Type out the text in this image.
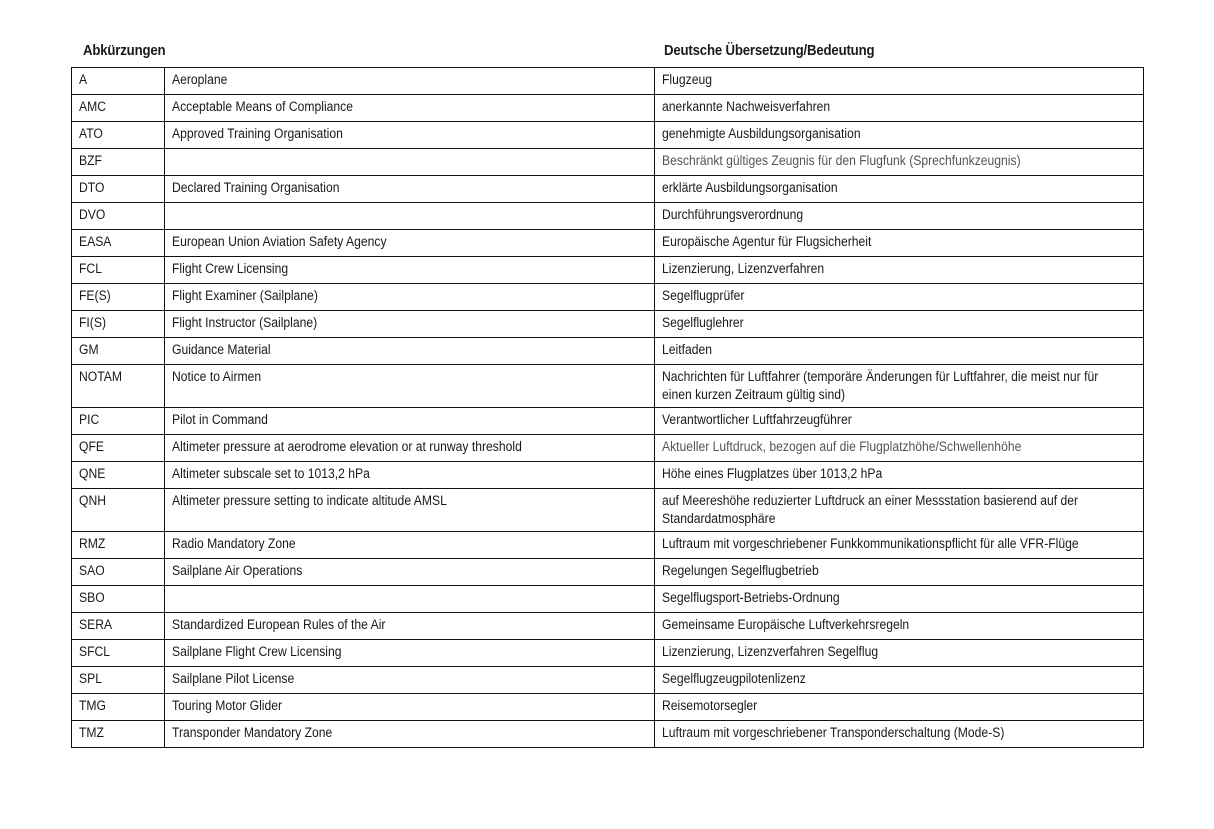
Abkürzungen	Deutsche Übersetzung/Bedeutung
A	Aeroplane	Flugzeug
AMC	Acceptable Means of Compliance	anerkannte Nachweisverfahren
ATO	Approved Training Organisation	genehmigte Ausbildungsorganisation
BZF		Beschränkt gültiges Zeugnis für den Flugfunk (Sprechfunkzeugnis)
DTO	Declared Training Organisation	erklärte Ausbildungsorganisation
DVO		Durchführungsverordnung
EASA	European Union Aviation Safety Agency	Europäische Agentur für Flugsicherheit
FCL	Flight Crew Licensing	Lizenzierung, Lizenzverfahren
FE(S)	Flight Examiner (Sailplane)	Segelflugprüfer
FI(S)	Flight Instructor (Sailplane)	Segelfluglehrer
GM	Guidance Material	Leitfaden
NOTAM	Notice to Airmen	Nachrichten für Luftfahrer (temporäre Änderungen für Luftfahrer, die meist nur für einen kurzen Zeitraum gültig sind)
PIC	Pilot in Command	Verantwortlicher Luftfahrzeugführer
QFE	Altimeter pressure at aerodrome elevation or at runway threshold	Aktueller Luftdruck, bezogen auf die Flugplatzhöhe/Schwellenhöhe
QNE	Altimeter subscale set to 1013,2 hPa	Höhe eines Flugplatzes über 1013,2 hPa
QNH	Altimeter pressure setting to indicate altitude AMSL	auf Meereshöhe reduzierter Luftdruck an einer Messstation basierend auf der Standardatmosphäre
RMZ	Radio Mandatory Zone	Luftraum mit vorgeschriebener Funkkommunikationspflicht für alle VFR-Flüge
SAO	Sailplane Air Operations	Regelungen Segelflugbetrieb
SBO		Segelflugsport-Betriebs-Ordnung
SERA	Standardized European Rules of the Air	Gemeinsame Europäische Luftverkehrsregeln
SFCL	Sailplane Flight Crew Licensing	Lizenzierung, Lizenzverfahren Segelflug
SPL	Sailplane Pilot License	Segelflugzeugpilotenlizenz
TMG	Touring Motor Glider	Reisemotorsegler
TMZ	Transponder Mandatory Zone	Luftraum mit vorgeschriebener Transponderschaltung (Mode-S)
